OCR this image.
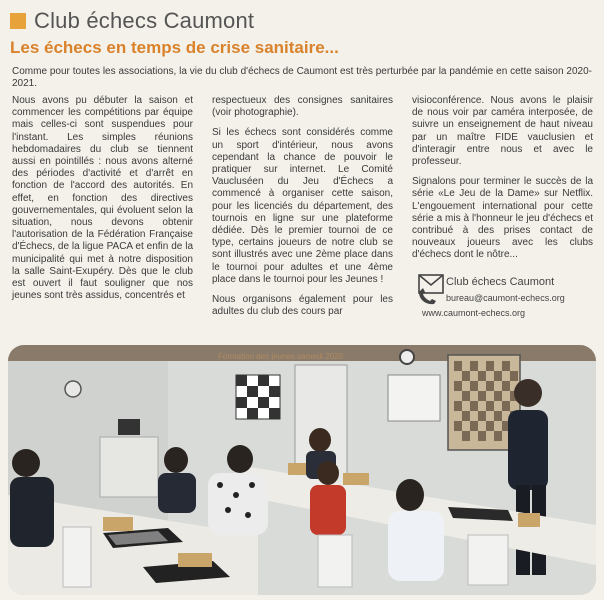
Club échecs Caumont
Les échecs en temps de crise sanitaire...
Comme pour toutes les associations, la vie du club d'échecs de Caumont est très perturbée par la pandémie en cette saison 2020-2021.

Nous avons pu débuter la saison et commencer les compétitions par équipe mais celles-ci sont suspendues pour l'instant. Les simples réunions hebdomadaires du club se tiennent aussi en pointillés : nous avons alterné des périodes d'activité et d'arrêt en fonction de l'accord des autorités. En effet, en fonction des directives gouvernementales, qui évoluent selon la situation, nous devons obtenir l'autorisation de la Fédération Française d'Échecs, de la ligue PACA et enfin de la municipalité qui met à notre disposition la salle Saint-Exupéry. Dès que le club est ouvert il faut souligner que nos jeunes sont très assidus, concentrés et

respectueux des consignes sanitaires (voir photographie).

Si les échecs sont considérés comme un sport d'intérieur, nous avons cependant la chance de pouvoir le pratiquer sur internet. Le Comité Vaucluséen du Jeu d'Échecs a commencé à organiser cette saison, pour les licenciés du département, des tournois en ligne sur une plateforme dédiée. Dès le premier tournoi de ce type, certains joueurs de notre club se sont illustrés avec une 2ème place dans le tournoi pour adultes et une 4ème place dans le tournoi pour les Jeunes !

Nous organisons également pour les adultes du club des cours par

visioconférence. Nous avons le plaisir de nous voir par caméra interposée, de suivre un enseignement de haut niveau par un maître FIDE vauclusien et d'interagir entre nous et avec le professeur.

Signalons pour terminer le succès de la série «Le Jeu de la Dame» sur Netflix. L'engouement international pour cette série a mis à l'honneur le jeu d'échecs et contribué à des prises contact de nouveaux joueurs avec les clubs d'échecs dont le nôtre...

Club échecs Caumont
bureau@caumont-echecs.org
www.caumont-echecs.org
Formation des jeunes samedi 2020
